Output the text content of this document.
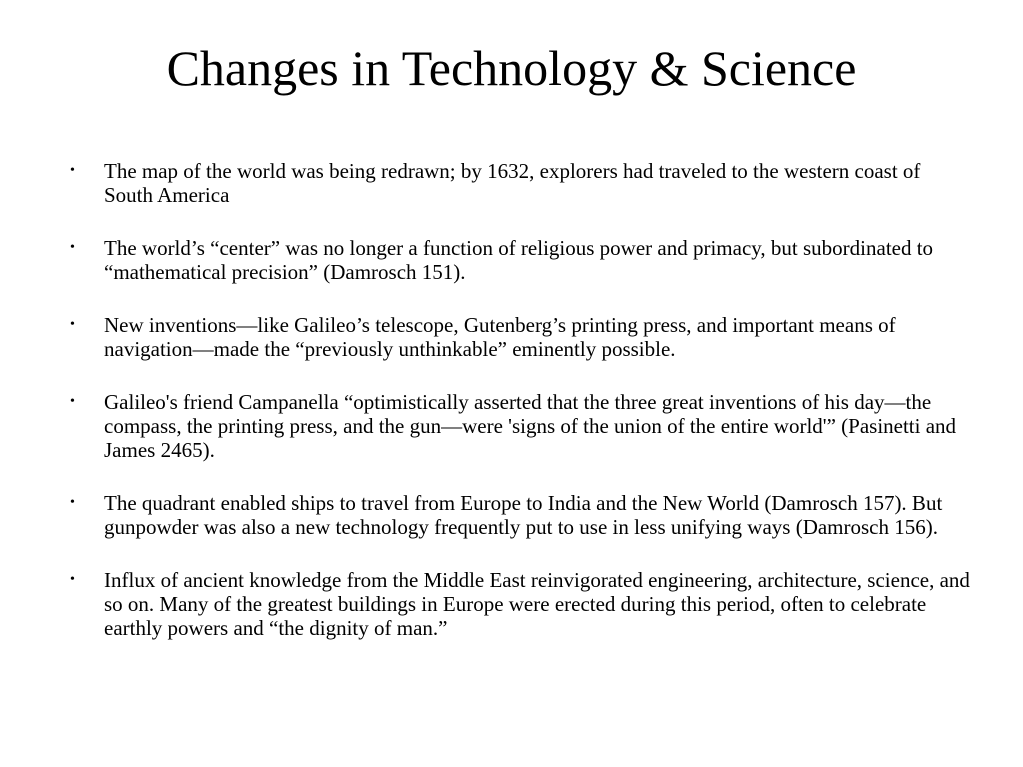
Changes in Technology & Science
• The map of the world was being redrawn; by 1632, explorers had traveled to the western coast of South America
• The world’s “center” was no longer a function of religious power and primacy, but subordinated to “mathematical precision” (Damrosch 151).
• New inventions—like Galileo’s telescope, Gutenberg’s printing press, and important means of navigation—made the “previously unthinkable” eminently possible.
• Galileo's friend Campanella “optimistically asserted that the three great inventions of his day—the compass, the printing press, and the gun—were 'signs of the union of the entire world'” (Pasinetti and James 2465).
• The quadrant enabled ships to travel from Europe to India and the New World (Damrosch 157). But gunpowder was also a new technology frequently put to use in less unifying ways (Damrosch 156).
• Influx of ancient knowledge from the Middle East reinvigorated engineering, architecture, science, and so on. Many of the greatest buildings in Europe were erected during this period, often to celebrate earthly powers and “the dignity of man.”
